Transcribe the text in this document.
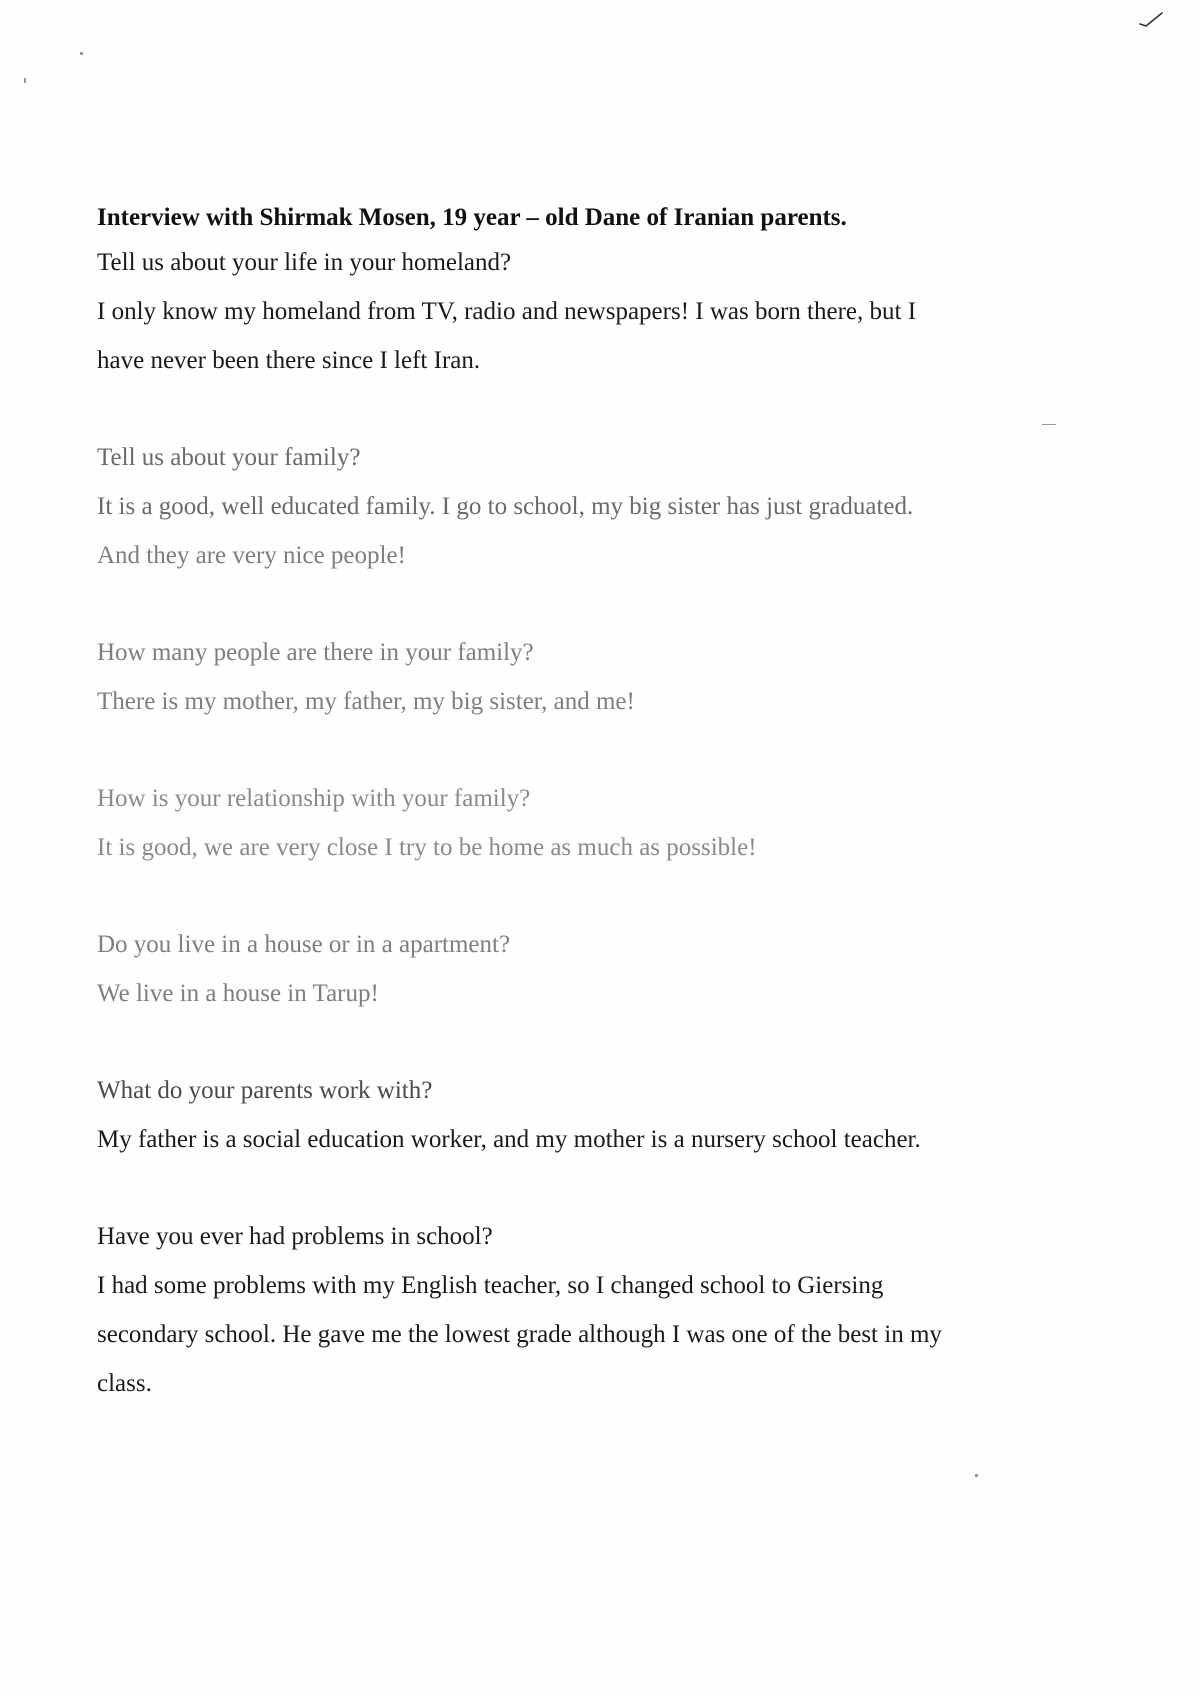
Interview with Shirmak Mosen, 19 year – old Dane of Iranian parents.

Tell us about your life in your homeland?

I only know my homeland from TV, radio and newspapers! I was born there, but I

have never been there since I left Iran.

Tell us about your family?

It is a good, well educated family. I go to school, my big sister has just graduated.

And they are very nice people!

How many people are there in your family?

There is my mother, my father, my big sister, and me!

How is your relationship with your family?

It is good, we are very close I try to be home as much as possible!

Do you live in a house or in a apartment?

We live in a house in Tarup!

What do your parents work with?

My father is a social education worker, and my mother is a nursery school teacher.

Have you ever had problems in school?

I had some problems with my English teacher, so I changed school to Giersing

secondary school. He gave me the lowest grade although I was one of the best in my

class.
